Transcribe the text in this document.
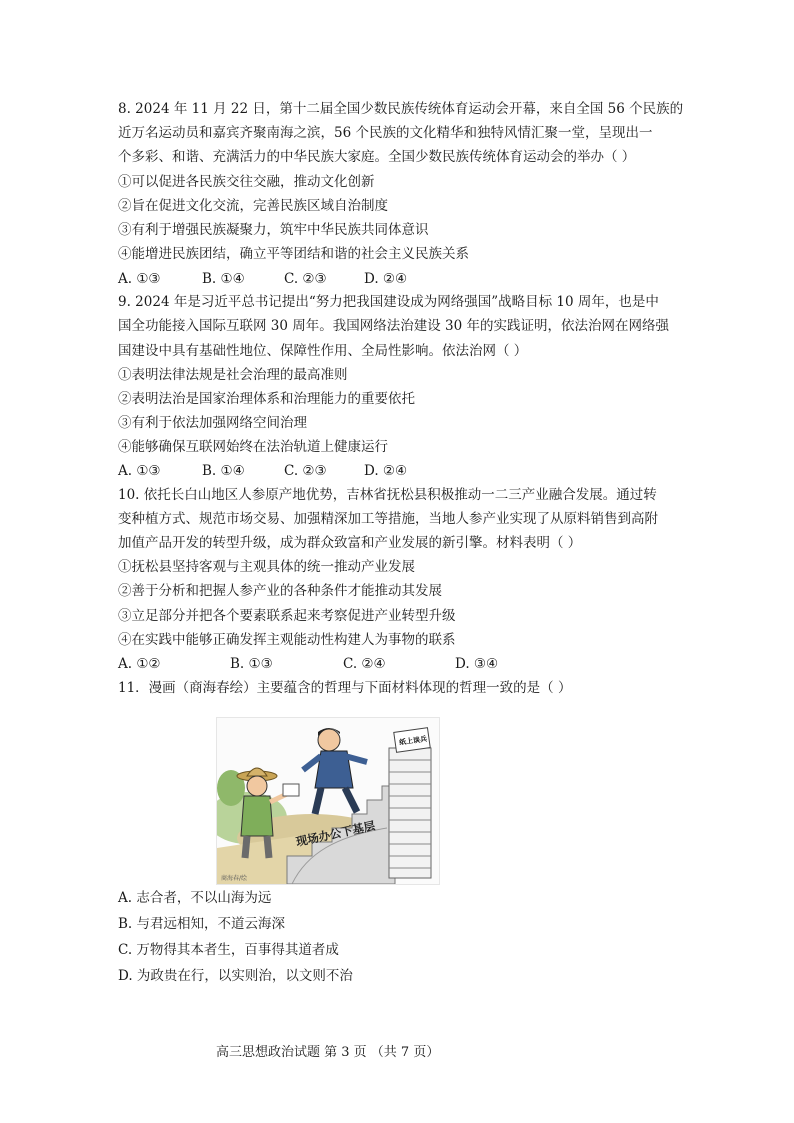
8. 2024 年 11 月 22 日，第十二届全国少数民族传统体育运动会开幕，来自全国 56 个民族的
近万名运动员和嘉宾齐聚南海之滨，56 个民族的文化精华和独特风情汇聚一堂，呈现出一
个多彩、和谐、充满活力的中华民族大家庭。全国少数民族传统体育运动会的举办（ ）
①可以促进各民族交往交融，推动文化创新
②旨在促进文化交流，完善民族区域自治制度
③有利于增强民族凝聚力，筑牢中华民族共同体意识
④能增进民族团结，确立平等团结和谐的社会主义民族关系
A. ①③	B. ①④	C. ②③	D. ②④
9. 2024 年是习近平总书记提出“努力把我国建设成为网络强国”战略目标 10 周年，也是中
国全功能接入国际互联网 30 周年。我国网络法治建设 30 年的实践证明，依法治网在网络强
国建设中具有基础性地位、保障性作用、全局性影响。依法治网（ ）
①表明法律法规是社会治理的最高准则
②表明法治是国家治理体系和治理能力的重要依托
③有利于依法加强网络空间治理
④能够确保互联网始终在法治轨道上健康运行
A. ①③	B. ①④	C. ②③	D. ②④
10. 依托长白山地区人参原产地优势，吉林省抚松县积极推动一二三产业融合发展。通过转
变种植方式、规范市场交易、加强精深加工等措施，当地人参产业实现了从原料销售到高附
加值产品开发的转型升级，成为群众致富和产业发展的新引擎。材料表明（ ）
①抚松县坚持客观与主观具体的统一推动产业发展
②善于分析和把握人参产业的各种条件才能推动其发展
③立足部分并把各个要素联系起来考察促进产业转型升级
④在实践中能够正确发挥主观能动性构建人为事物的联系
A. ①②	B. ①③	C. ②④	D. ③④
11．漫画（商海春绘）主要蕴含的哲理与下面材料体现的哲理一致的是（ ）
现场办公下基层
纸上谈兵
商海春/绘
A. 志合者，不以山海为远
B. 与君远相知，不道云海深
C. 万物得其本者生，百事得其道者成
D. 为政贵在行，以实则治，以文则不治
高三思想政治试题 第 3 页 （共 7 页）
